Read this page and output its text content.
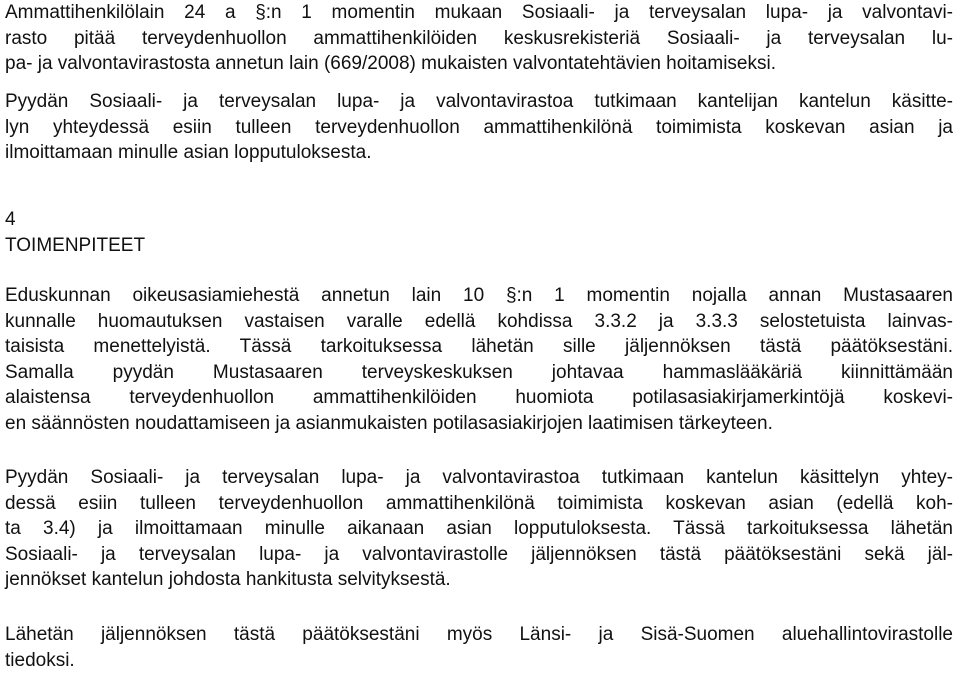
Ammattihenkilölain 24 a §:n 1 momentin mukaan Sosiaali- ja terveysalan lupa- ja valvontavi-
rasto pitää terveydenhuollon ammattihenkilöiden keskusrekisteriä Sosiaali- ja terveysalan lu-
pa- ja valvontavirastosta annetun lain (669/2008) mukaisten valvontatehtävien hoitamiseksi.
Pyydän Sosiaali- ja terveysalan lupa- ja valvontavirastoa tutkimaan kantelijan kantelun käsitte-
lyn yhteydessä esiin tulleen terveydenhuollon ammattihenkilönä toimimista koskevan asian ja
ilmoittamaan minulle asian lopputuloksesta.
4
TOIMENPITEET
Eduskunnan oikeusasiamiehestä annetun lain 10 §:n 1 momentin nojalla annan Mustasaaren
kunnalle huomautuksen vastaisen varalle edellä kohdissa 3.3.2 ja 3.3.3 selostetuista lainvas-
taisista menettelyistä. Tässä tarkoituksessa lähetän sille jäljennöksen tästä päätöksestäni.
Samalla pyydän Mustasaaren terveyskeskuksen johtavaa hammaslääkäriä kiinnittämään
alaistensa terveydenhuollon ammattihenkilöiden huomiota potilasasiakirjamerkintöjä koskevi-
en säännösten noudattamiseen ja asianmukaisten potilasasiakirjojen laatimisen tärkeyteen.
Pyydän Sosiaali- ja terveysalan lupa- ja valvontavirastoa tutkimaan kantelun käsittelyn yhtey-
dessä esiin tulleen terveydenhuollon ammattihenkilönä toimimista koskevan asian (edellä koh-
ta 3.4) ja ilmoittamaan minulle aikanaan asian lopputuloksesta. Tässä tarkoituksessa lähetän
Sosiaali- ja terveysalan lupa- ja valvontavirastolle jäljennöksen tästä päätöksestäni sekä jäl-
jennökset kantelun johdosta hankitusta selvityksestä.
Lähetän jäljennöksen tästä päätöksestäni myös Länsi- ja Sisä-Suomen aluehallintovirastolle
tiedoksi.
